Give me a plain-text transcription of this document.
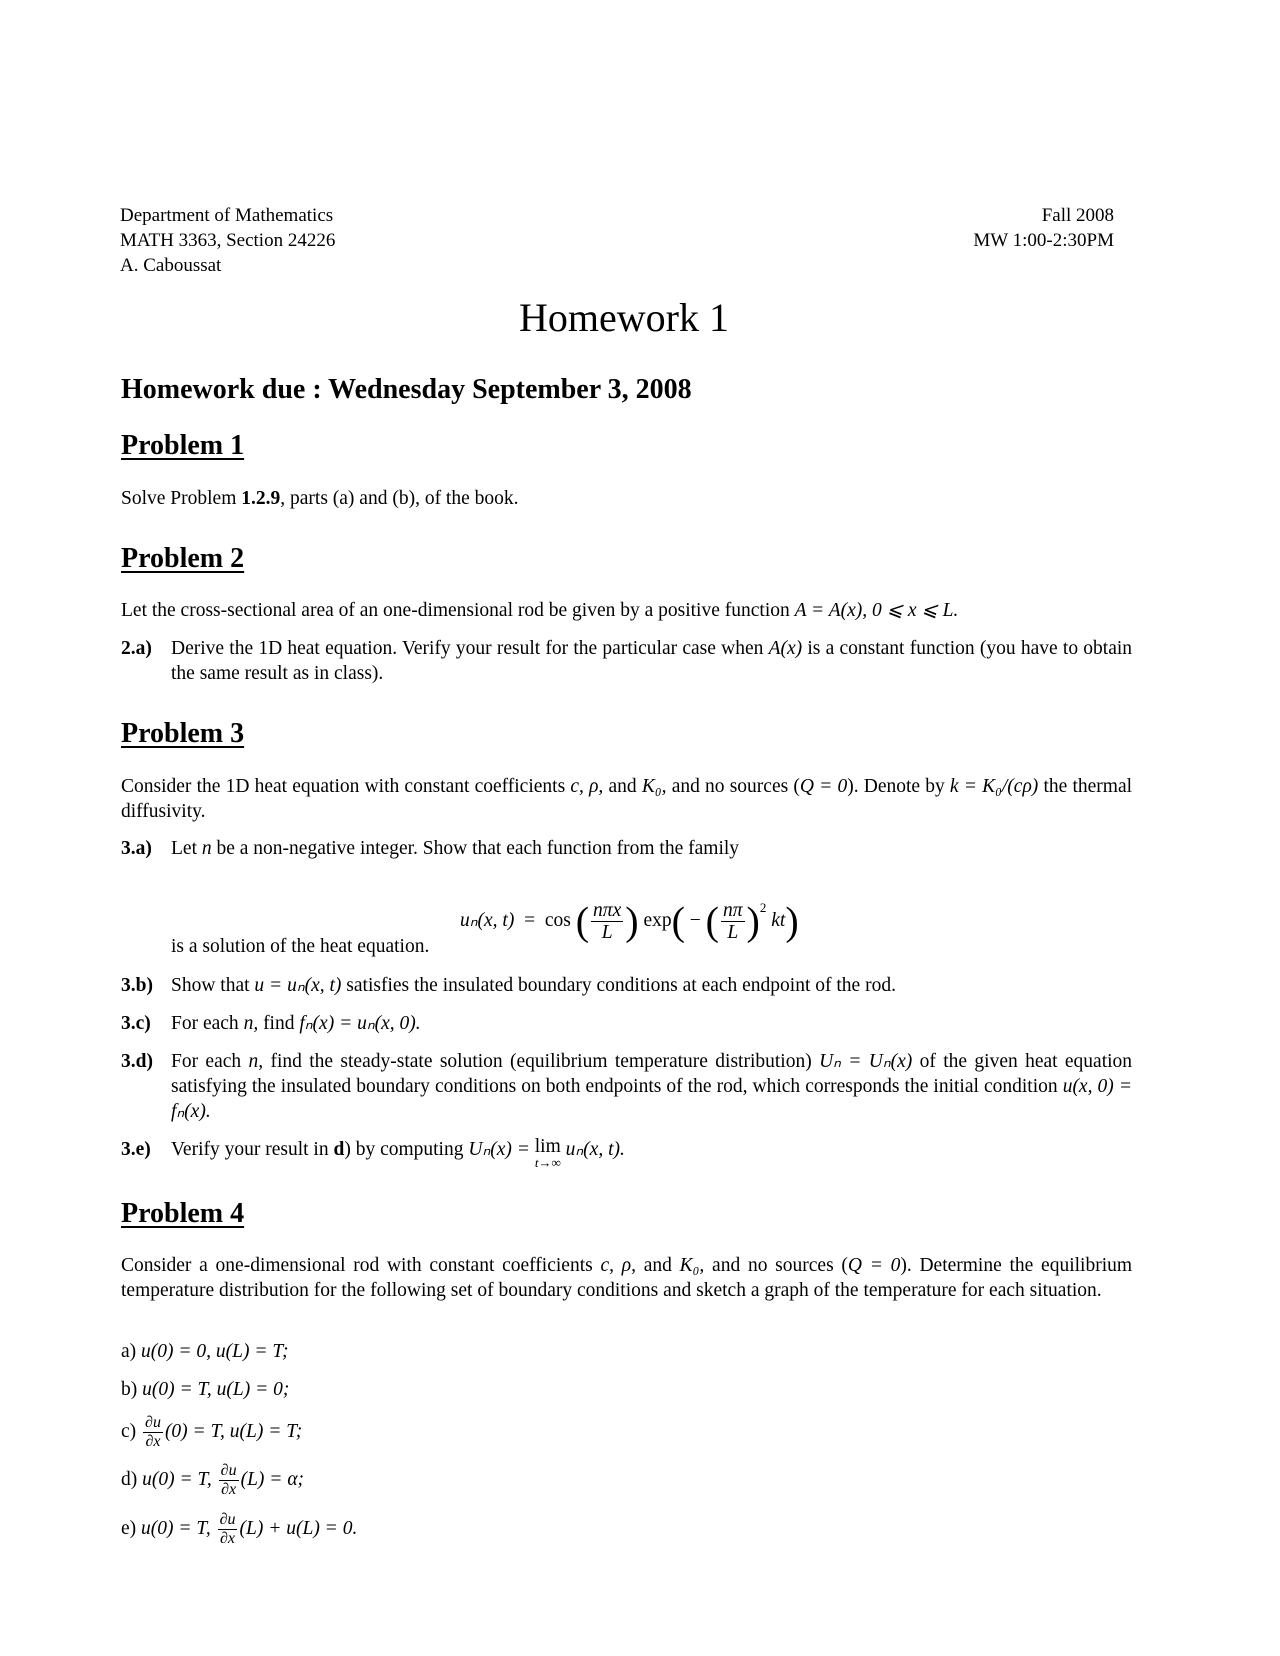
Department of Mathematics
MATH 3363, Section 24226
A. Caboussat
Fall 2008
MW 1:00-2:30PM
Homework 1
Homework due : Wednesday September 3, 2008
Problem 1
Solve Problem 1.2.9, parts (a) and (b), of the book.
Problem 2
Let the cross-sectional area of an one-dimensional rod be given by a positive function A = A(x), 0 ⩽ x ⩽ L.
2.a) Derive the 1D heat equation. Verify your result for the particular case when A(x) is a constant function (you have to obtain the same result as in class).
Problem 3
Consider the 1D heat equation with constant coefficients c, ρ, and K₀, and no sources (Q = 0). Denote by k = K₀/(cρ) the thermal diffusivity.
3.a) Let n be a non-negative integer. Show that each function from the family
uₙ(x, t) = cos ( $\frac{\text{nπx}}{L}$ ) exp( − ( $\frac{n\pi}{L} )^2$ kt)
is a solution of the heat equation.
3.b) Show that u = uₙ(x, t) satisfies the insulated boundary conditions at each endpoint of the rod.
3.c) For each n, find fₙ(x) = uₙ(x, 0).
3.d) For each n, find the steady-state solution (equilibrium temperature distribution) Uₙ = Uₙ(x) of the given heat equation satisfying the insulated boundary conditions on both endpoints of the rod, which corresponds the initial condition u(x, 0) = fₙ(x).
3.e) Verify your result in d) by computing Uₙ(x) = lim
t→∞
uₙ(x, t).
Problem 4
Consider a one-dimensional rod with constant coefficients c, ρ, and K₀, and no sources (Q = 0). Determine the equilibrium temperature distribution for the following set of boundary conditions and sketch a graph of the temperature for each situation.
a) u(0) = 0, u(L) = T;
b) u(0) = T, u(L) = 0;
$c) \frac{\partial u}{\partial x} (0) = T$, u(L) = T;
d) u(0) = T, $\frac{\partial u}{\partial x} (L) = \alpha$;
e) u(0) = T, $\frac{\partial u}{\partial x} (L) + u(L) = 0$.
